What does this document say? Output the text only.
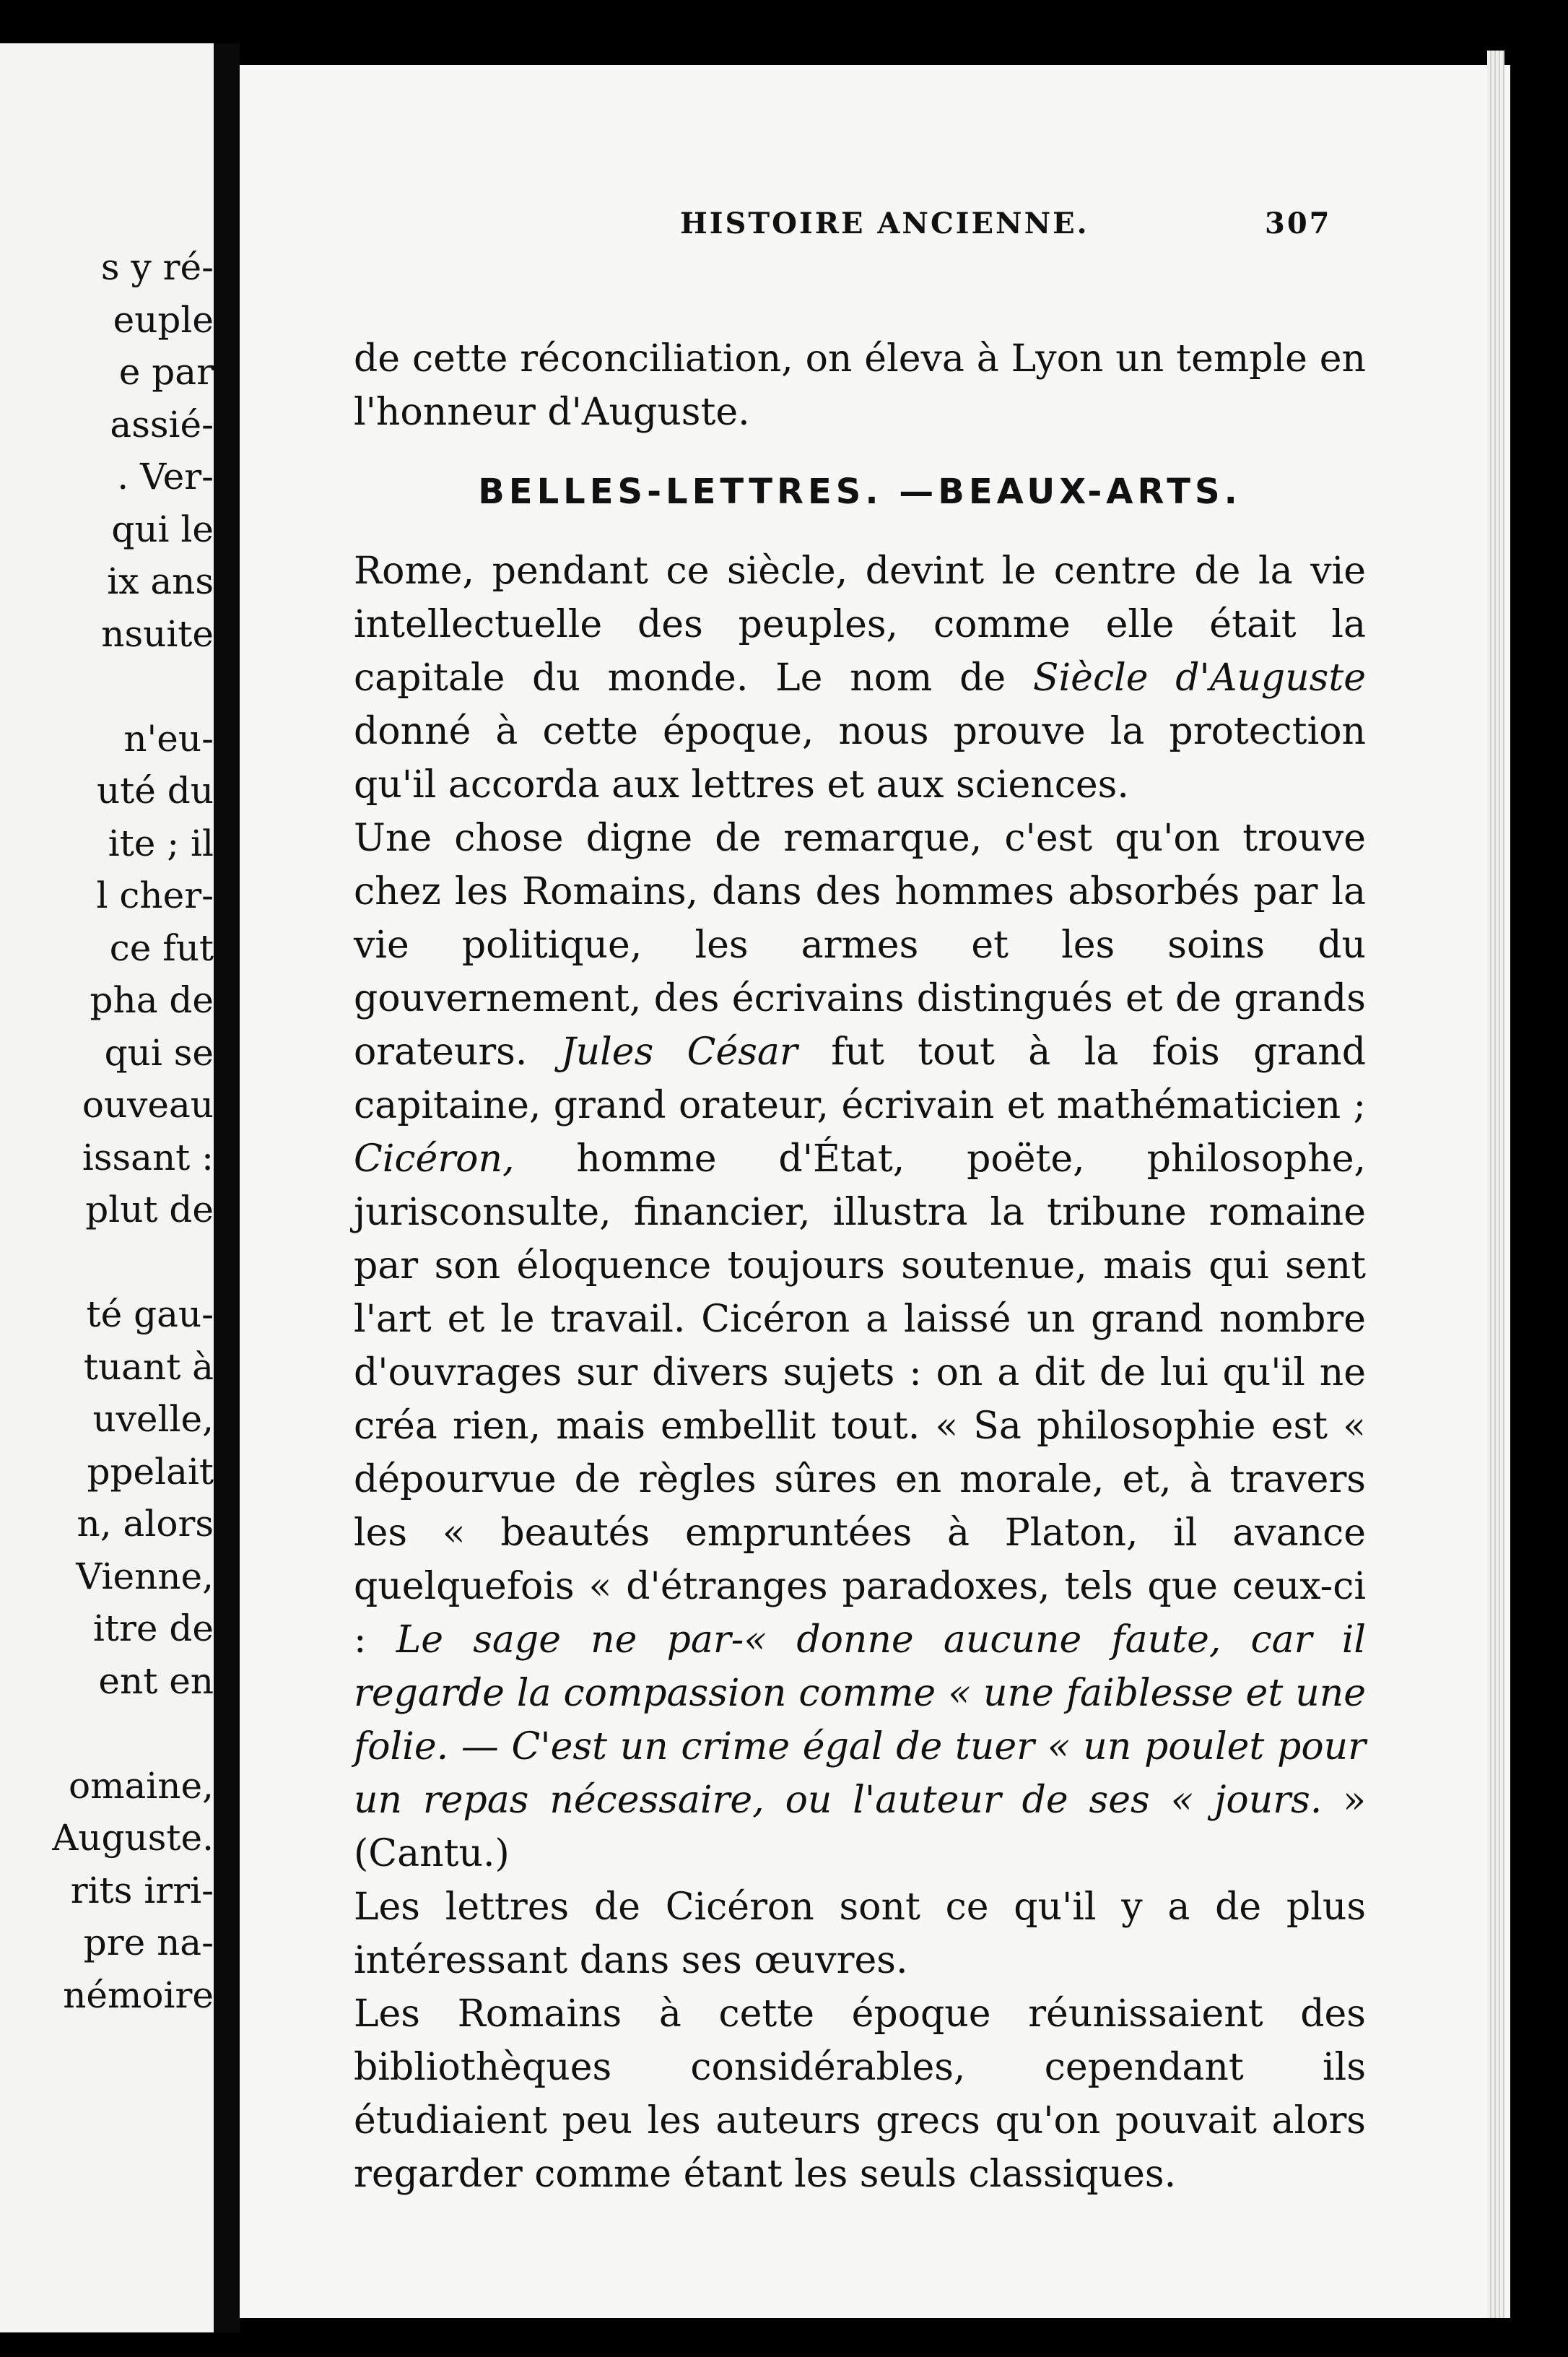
s y ré-
euple
e par
assié-
. Ver-
qui le
ix ans
nsuite
n'eu-
uté du
ite ; il
l cher-
ce fut
pha de
qui se
ouveau
issant :
plut de
té gau-
tuant à
uvelle,
ppelait
n, alors
Vienne,
itre de
ent en
omaine,
Auguste.
rits irri-
pre na-
némoire
HISTOIRE ANCIENNE.	307

de cette réconciliation, on éleva à Lyon un temple en l'honneur d'Auguste.

BELLES-LETTRES. —BEAUX-ARTS.

Rome, pendant ce siècle, devint le centre de la vie intellectuelle des peuples, comme elle était la capitale du monde. Le nom de Siècle d'Auguste donné à cette époque, nous prouve la protection qu'il accorda aux lettres et aux sciences.

Une chose digne de remarque, c'est qu'on trouve chez les Romains, dans des hommes absorbés par la vie politique, les armes et les soins du gouvernement, des écrivains distingués et de grands orateurs. Jules César fut tout à la fois grand capitaine, grand orateur, écrivain et mathématicien ; Cicéron, homme d'État, poëte, philosophe, jurisconsulte, financier, illustra la tribune romaine par son éloquence toujours soutenue, mais qui sent l'art et le travail. Cicéron a laissé un grand nombre d'ouvrages sur divers sujets : on a dit de lui qu'il ne créa rien, mais embellit tout. « Sa philosophie est « dépourvue de règles sûres en morale, et, à travers les « beautés empruntées à Platon, il avance quelquefois « d'étranges paradoxes, tels que ceux-ci : Le sage ne par-« donne aucune faute, car il regarde la compassion comme « une faiblesse et une folie. — C'est un crime égal de tuer « un poulet pour un repas nécessaire, ou l'auteur de ses « jours. » (Cantu.)

Les lettres de Cicéron sont ce qu'il y a de plus intéressant dans ses œuvres.

Les Romains à cette époque réunissaient des bibliothèques considérables, cependant ils étudiaient peu les auteurs grecs qu'on pouvait alors regarder comme étant les seuls classiques.
